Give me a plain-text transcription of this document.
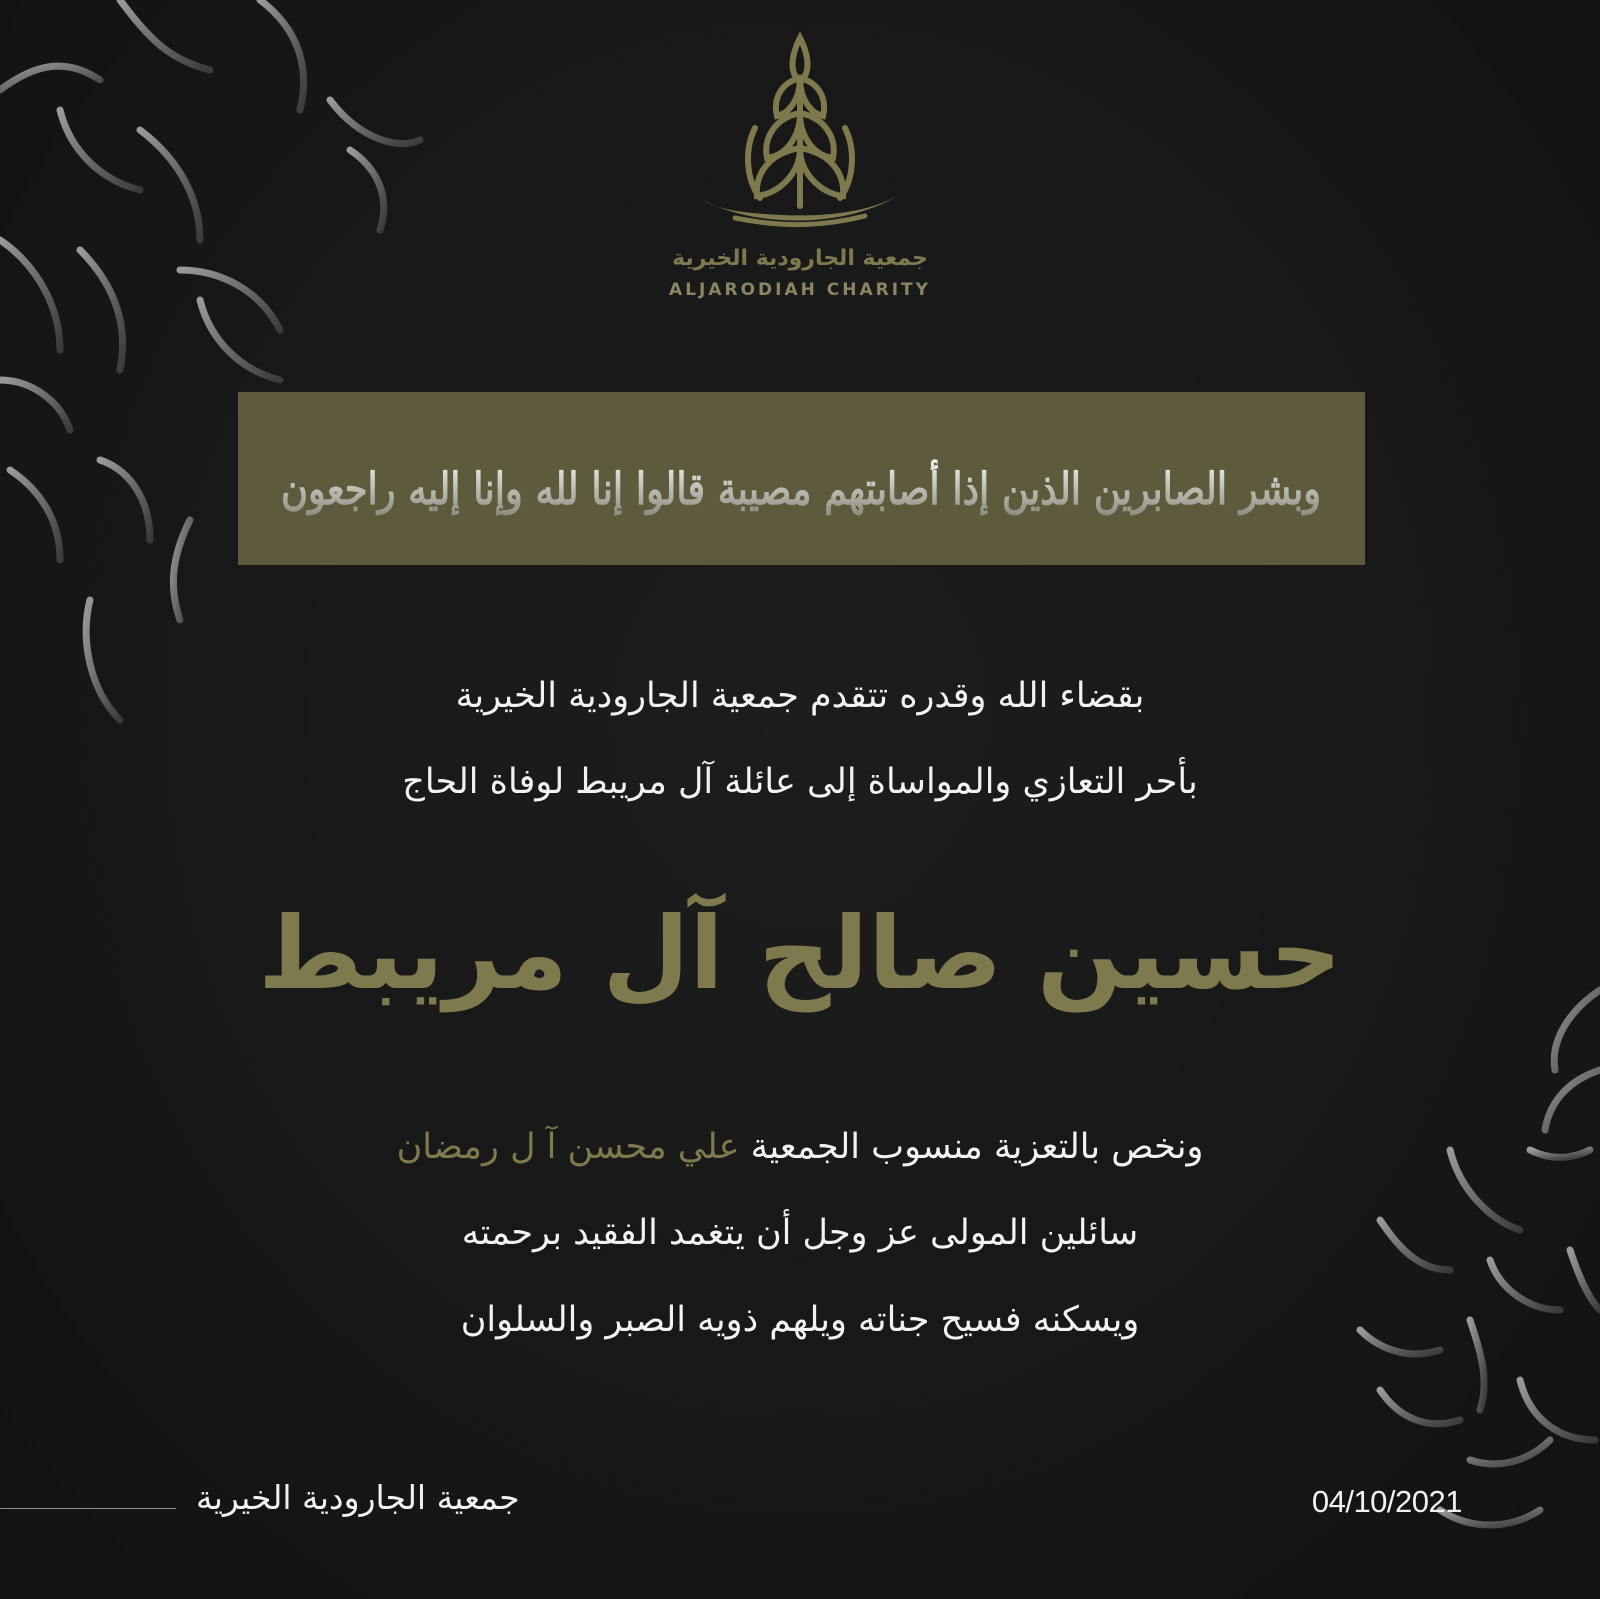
جمعية الجارودية الخيرية
ALJARODIAH CHARITY
وبشر الصابرين الذين إذا أصابتهم مصيبة قالوا إنا لله وإنا إليه راجعون
بقضاء الله وقدره تتقدم جمعية الجارودية الخيرية
بأحر التعازي والمواساة إلى عائلة آل مريبط لوفاة الحاج
حسين صالح آل مريبط
ونخص بالتعزية منسوب الجمعية علي محسن آ ل رمضان
سائلين المولى عز وجل أن يتغمد الفقيد برحمته
ويسكنه فسيح جناته ويلهم ذويه الصبر والسلوان
جمعية الجارودية الخيرية	04/10/2021
